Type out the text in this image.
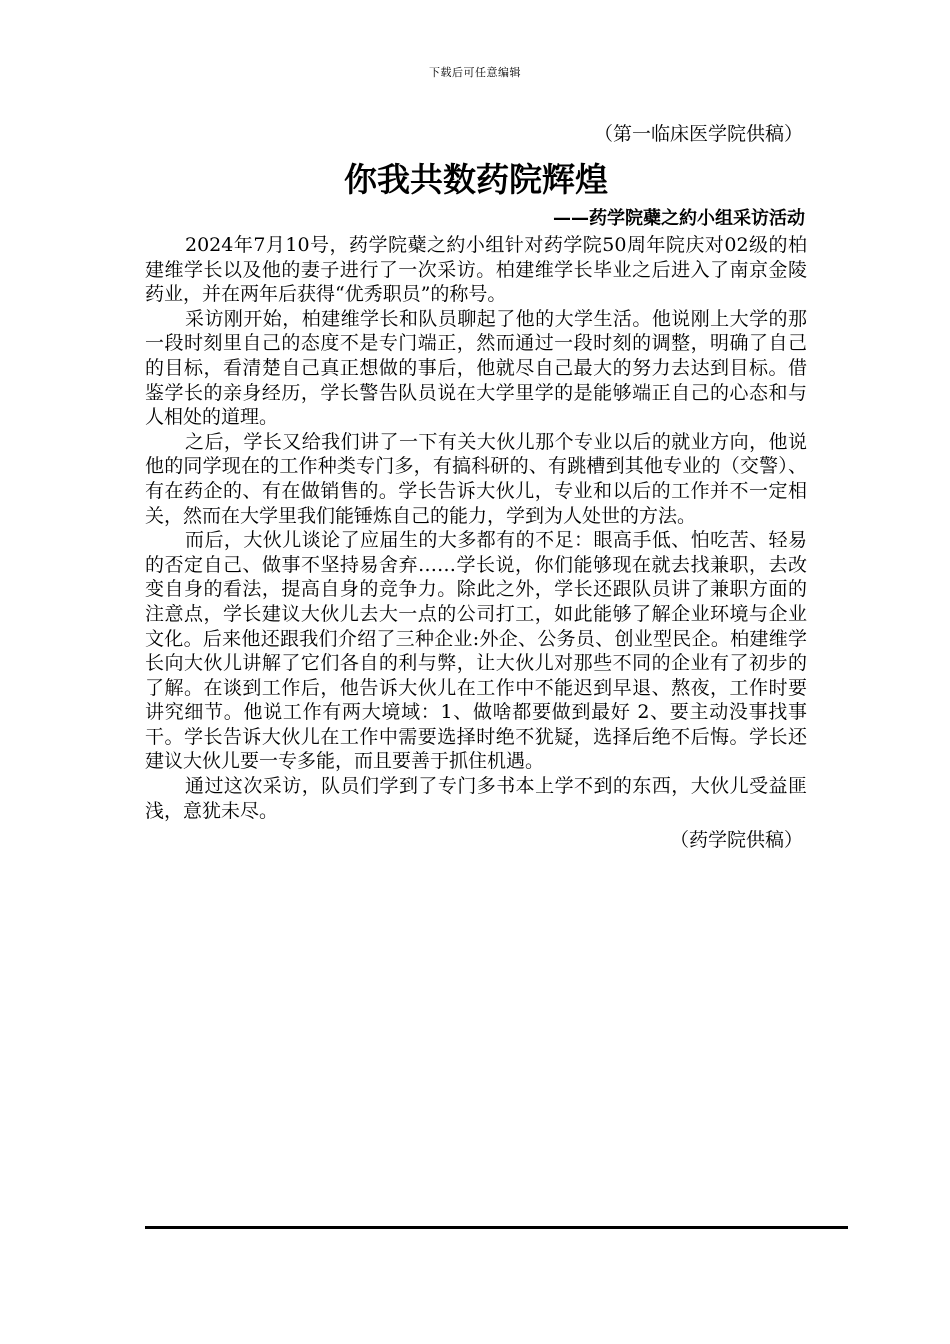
下载后可任意编辑

（第一临床医学院供稿）

你我共数药院辉煌

——药学院蘗之約小组采访活动

2024年7月10号，药学院蘗之約小组针对药学院50周年院庆对02级的柏建维学长以及他的妻子进行了一次采访。柏建维学长毕业之后进入了南京金陵药业，并在两年后获得“优秀职员”的称号。

采访刚开始，柏建维学长和队员聊起了他的大学生活。他说刚上大学的那一段时刻里自己的态度不是专门端正，然而通过一段时刻的调整，明确了自己的目标，看清楚自己真正想做的事后，他就尽自己最大的努力去达到目标。借鉴学长的亲身经历，学长警告队员说在大学里学的是能够端正自己的心态和与人相处的道理。

之后，学长又给我们讲了一下有关大伙儿那个专业以后的就业方向，他说他的同学现在的工作种类专门多，有搞科研的、有跳槽到其他专业的（交警）、有在药企的、有在做销售的。学长告诉大伙儿，专业和以后的工作并不一定相关，然而在大学里我们能锤炼自己的能力，学到为人处世的方法。

而后，大伙儿谈论了应届生的大多都有的不足：眼高手低、怕吃苦、轻易的否定自己、做事不坚持易舍弃……学长说，你们能够现在就去找兼职，去改变自身的看法，提高自身的竞争力。除此之外，学长还跟队员讲了兼职方面的注意点，学长建议大伙儿去大一点的公司打工，如此能够了解企业环境与企业文化。后来他还跟我们介绍了三种企业:外企、公务员、创业型民企。柏建维学长向大伙儿讲解了它们各自的利与弊，让大伙儿对那些不同的企业有了初步的了解。在谈到工作后，他告诉大伙儿在工作中不能迟到早退、熬夜，工作时要讲究细节。他说工作有两大境域：1、做啥都要做到最好 2、要主动没事找事干。学长告诉大伙儿在工作中需要选择时绝不犹疑，选择后绝不后悔。学长还建议大伙儿要一专多能，而且要善于抓住机遇。

通过这次采访，队员们学到了专门多书本上学不到的东西，大伙儿受益匪浅，意犹未尽。

（药学院供稿）
